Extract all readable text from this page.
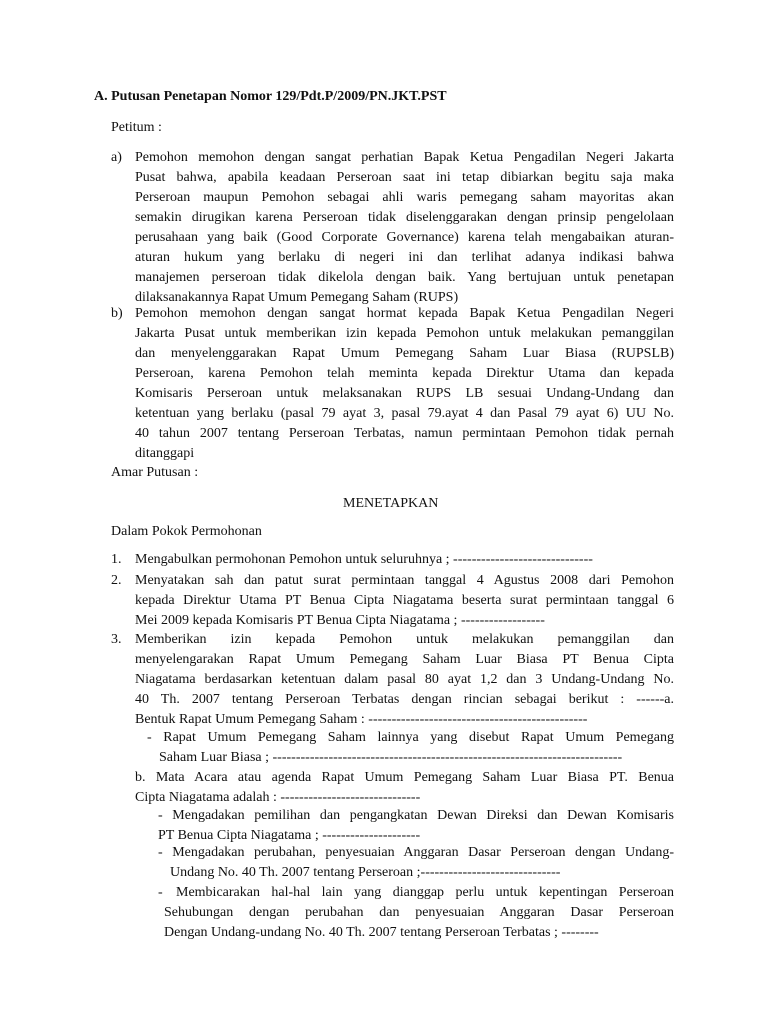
A. Putusan Penetapan Nomor 129/Pdt.P/2009/PN.JKT.PST
Petitum :
a) Pemohon memohon dengan sangat perhatian Bapak Ketua Pengadilan Negeri Jakarta
Pusat bahwa, apabila keadaan Perseroan saat ini tetap dibiarkan begitu saja maka
Perseroan maupun Pemohon sebagai ahli waris pemegang saham mayoritas akan
semakin dirugikan karena Perseroan tidak diselenggarakan dengan prinsip pengelolaan
perusahaan yang baik (Good Corporate Governance) karena telah mengabaikan aturan-
aturan hukum yang berlaku di negeri ini dan terlihat adanya indikasi bahwa
manajemen perseroan tidak dikelola dengan baik. Yang bertujuan untuk penetapan
dilaksanakannya Rapat Umum Pemegang Saham (RUPS)
b) Pemohon memohon dengan sangat hormat kepada Bapak Ketua Pengadilan Negeri
Jakarta Pusat untuk memberikan izin kepada Pemohon untuk melakukan pemanggilan
dan menyelenggarakan Rapat Umum Pemegang Saham Luar Biasa (RUPSLB)
Perseroan, karena Pemohon telah meminta kepada Direktur Utama dan kepada
Komisaris Perseroan untuk melaksanakan RUPS LB sesuai Undang-Undang dan
ketentuan yang berlaku (pasal 79 ayat 3, pasal 79.ayat 4 dan Pasal 79 ayat 6) UU No.
40 tahun 2007 tentang Perseroan Terbatas, namun permintaan Pemohon tidak pernah
ditanggapi
Amar Putusan :
MENETAPKAN
Dalam Pokok Permohonan
1. Mengabulkan permohonan Pemohon untuk seluruhnya ; ------------------------------
2. Menyatakan sah dan patut surat permintaan tanggal 4 Agustus 2008 dari Pemohon
kepada Direktur Utama PT Benua Cipta Niagatama beserta surat permintaan tanggal 6
Mei 2009 kepada Komisaris PT Benua Cipta Niagatama ; ------------------
3. Memberikan izin kepada Pemohon untuk melakukan pemanggilan dan
menyelengarakan Rapat Umum Pemegang Saham Luar Biasa PT Benua Cipta
Niagatama berdasarkan ketentuan dalam pasal 80 ayat 1,2 dan 3 Undang-Undang No.
40 Th. 2007 tentang Perseroan Terbatas dengan rincian sebagai berikut : ------a.
Bentuk Rapat Umum Pemegang Saham : -----------------------------------------------
- Rapat Umum Pemegang Saham lainnya yang disebut Rapat Umum Pemegang
Saham Luar Biasa ; ---------------------------------------------------------------------------
b. Mata Acara atau agenda Rapat Umum Pemegang Saham Luar Biasa PT. Benua
Cipta Niagatama adalah : ------------------------------
- Mengadakan pemilihan dan pengangkatan Dewan Direksi dan Dewan Komisaris
PT Benua Cipta Niagatama ; ---------------------
- Mengadakan perubahan, penyesuaian Anggaran Dasar Perseroan dengan Undang-
Undang No. 40 Th. 2007 tentang Perseroan ;------------------------------
- Membicarakan hal-hal lain yang dianggap perlu untuk kepentingan Perseroan
Sehubungan dengan perubahan dan penyesuaian Anggaran Dasar Perseroan
Dengan Undang-undang No. 40 Th. 2007 tentang Perseroan Terbatas ; --------
